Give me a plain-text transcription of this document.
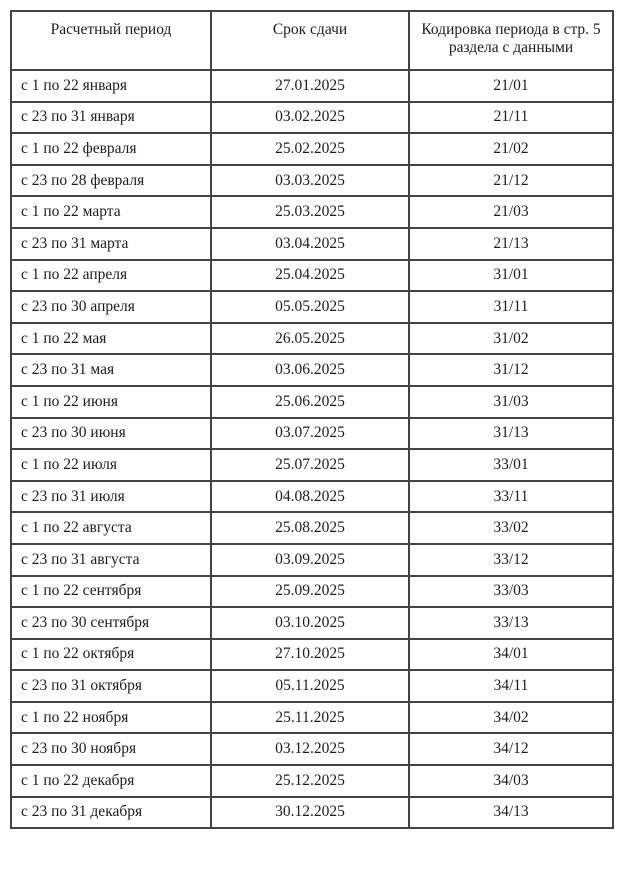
Расчетный период	Срок сдачи	Кодировка периода в стр. 5 раздела с данными
с 1 по 22 января	27.01.2025	21/01
с 23 по 31 января	03.02.2025	21/11
с 1 по 22 февраля	25.02.2025	21/02
с 23 по 28 февраля	03.03.2025	21/12
с 1 по 22 марта	25.03.2025	21/03
с 23 по 31 марта	03.04.2025	21/13
с 1 по 22 апреля	25.04.2025	31/01
с 23 по 30 апреля	05.05.2025	31/11
с 1 по 22 мая	26.05.2025	31/02
с 23 по 31 мая	03.06.2025	31/12
с 1 по 22 июня	25.06.2025	31/03
с 23 по 30 июня	03.07.2025	31/13
с 1 по 22 июля	25.07.2025	33/01
с 23 по 31 июля	04.08.2025	33/11
с 1 по 22 августа	25.08.2025	33/02
с 23 по 31 августа	03.09.2025	33/12
с 1 по 22 сентября	25.09.2025	33/03
с 23 по 30 сентября	03.10.2025	33/13
с 1 по 22 октября	27.10.2025	34/01
с 23 по 31 октября	05.11.2025	34/11
с 1 по 22 ноября	25.11.2025	34/02
с 23 по 30 ноября	03.12.2025	34/12
с 1 по 22 декабря	25.12.2025	34/03
с 23 по 31 декабря	30.12.2025	34/13
